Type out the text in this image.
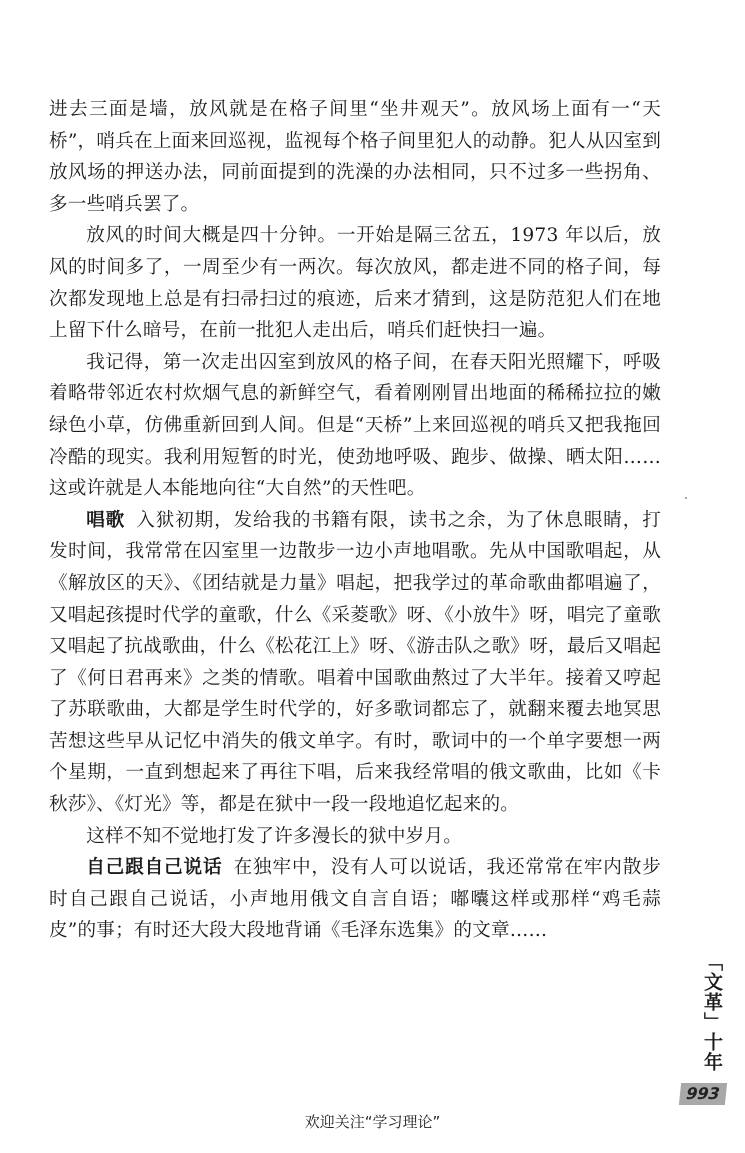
进去三面是墙，放风就是在格子间里“坐井观天”。放风场上面有一“天桥”，哨兵在上面来回巡视，监视每个格子间里犯人的动静。犯人从囚室到放风场的押送办法，同前面提到的洗澡的办法相同，只不过多一些拐角、多一些哨兵罢了。

放风的时间大概是四十分钟。一开始是隔三岔五，1973 年以后，放风的时间多了，一周至少有一两次。每次放风，都走进不同的格子间，每次都发现地上总是有扫帚扫过的痕迹，后来才猜到，这是防范犯人们在地上留下什么暗号，在前一批犯人走出后，哨兵们赶快扫一遍。

我记得，第一次走出囚室到放风的格子间，在春天阳光照耀下，呼吸着略带邻近农村炊烟气息的新鲜空气，看着刚刚冒出地面的稀稀拉拉的嫩绿色小草，仿佛重新回到人间。但是“天桥”上来回巡视的哨兵又把我拖回冷酷的现实。我利用短暂的时光，使劲地呼吸、跑步、做操、晒太阳……这或许就是人本能地向往“大自然”的天性吧。

唱歌 入狱初期，发给我的书籍有限，读书之余，为了休息眼睛，打发时间，我常常在囚室里一边散步一边小声地唱歌。先从中国歌唱起，从《解放区的天》、《团结就是力量》唱起，把我学过的革命歌曲都唱遍了，又唱起孩提时代学的童歌，什么《采菱歌》呀、《小放牛》呀，唱完了童歌又唱起了抗战歌曲，什么《松花江上》呀、《游击队之歌》呀，最后又唱起了《何日君再来》之类的情歌。唱着中国歌曲熬过了大半年。接着又哼起了苏联歌曲，大都是学生时代学的，好多歌词都忘了，就翻来覆去地冥思苦想这些早从记忆中消失的俄文单字。有时，歌词中的一个单字要想一两个星期，一直到想起来了再往下唱，后来我经常唱的俄文歌曲，比如《卡秋莎》、《灯光》等，都是在狱中一段一段地追忆起来的。

这样不知不觉地打发了许多漫长的狱中岁月。

自己跟自己说话 在独牢中，没有人可以说话，我还常常在牢内散步时自己跟自己说话，小声地用俄文自言自语；嘟囔这样或那样“鸡毛蒜皮”的事；有时还大段大段地背诵《毛泽东选集》的文章……

「文革」十年
993
欢迎关注“学习理论”
